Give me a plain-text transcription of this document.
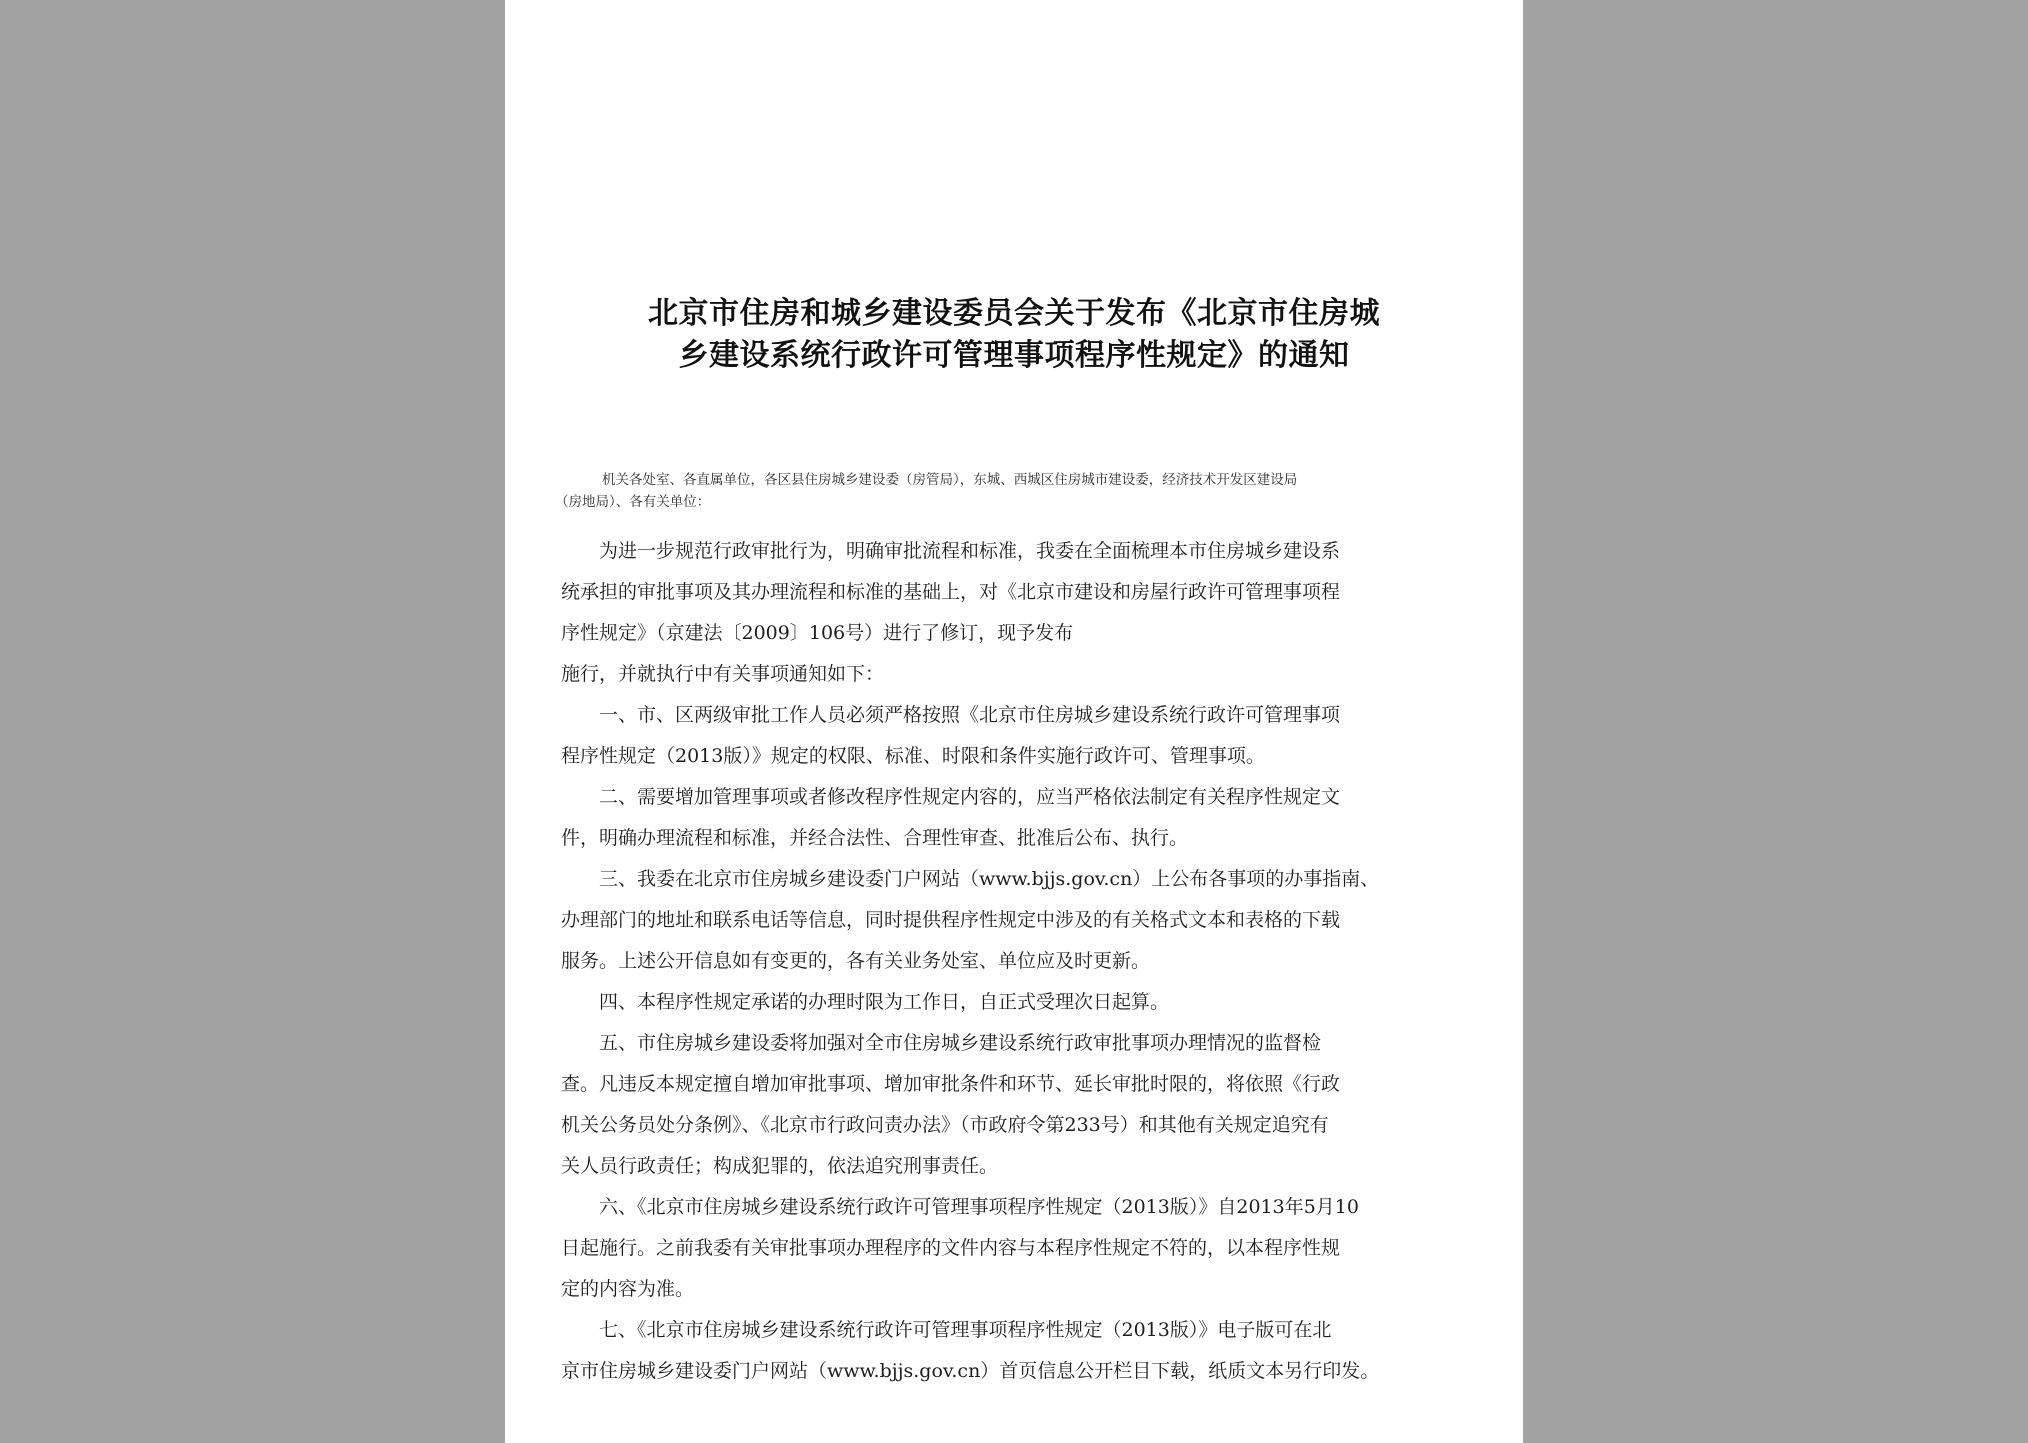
北京市住房和城乡建设委员会关于发布《北京市住房城
乡建设系统行政许可管理事项程序性规定》的通知
机关各处室、各直属单位，各区县住房城乡建设委（房管局），东城、西城区住房城市建设委，经济技术开发区建设局
（房地局）、各有关单位：
为进一步规范行政审批行为，明确审批流程和标准，我委在全面梳理本市住房城乡建设系
统承担的审批事项及其办理流程和标准的基础上，对《北京市建设和房屋行政许可管理事项程
序性规定》（京建法〔2009〕106号）进行了修订，现予发布
施行，并就执行中有关事项通知如下：
一、市、区两级审批工作人员必须严格按照《北京市住房城乡建设系统行政许可管理事项
程序性规定（2013版）》规定的权限、标准、时限和条件实施行政许可、管理事项。
二、需要增加管理事项或者修改程序性规定内容的，应当严格依法制定有关程序性规定文
件，明确办理流程和标准，并经合法性、合理性审查、批准后公布、执行。
三、我委在北京市住房城乡建设委门户网站（www.bjjs.gov.cn）上公布各事项的办事指南、
办理部门的地址和联系电话等信息，同时提供程序性规定中涉及的有关格式文本和表格的下载
服务。上述公开信息如有变更的，各有关业务处室、单位应及时更新。
四、本程序性规定承诺的办理时限为工作日，自正式受理次日起算。
五、市住房城乡建设委将加强对全市住房城乡建设系统行政审批事项办理情况的监督检
查。凡违反本规定擅自增加审批事项、增加审批条件和环节、延长审批时限的，将依照《行政
机关公务员处分条例》、《北京市行政问责办法》（市政府令第233号）和其他有关规定追究有
关人员行政责任；构成犯罪的，依法追究刑事责任。
六、《北京市住房城乡建设系统行政许可管理事项程序性规定（2013版）》自2013年5月10
日起施行。之前我委有关审批事项办理程序的文件内容与本程序性规定不符的，以本程序性规
定的内容为准。
七、《北京市住房城乡建设系统行政许可管理事项程序性规定（2013版）》电子版可在北
京市住房城乡建设委门户网站（www.bjjs.gov.cn）首页信息公开栏目下载，纸质文本另行印发。
